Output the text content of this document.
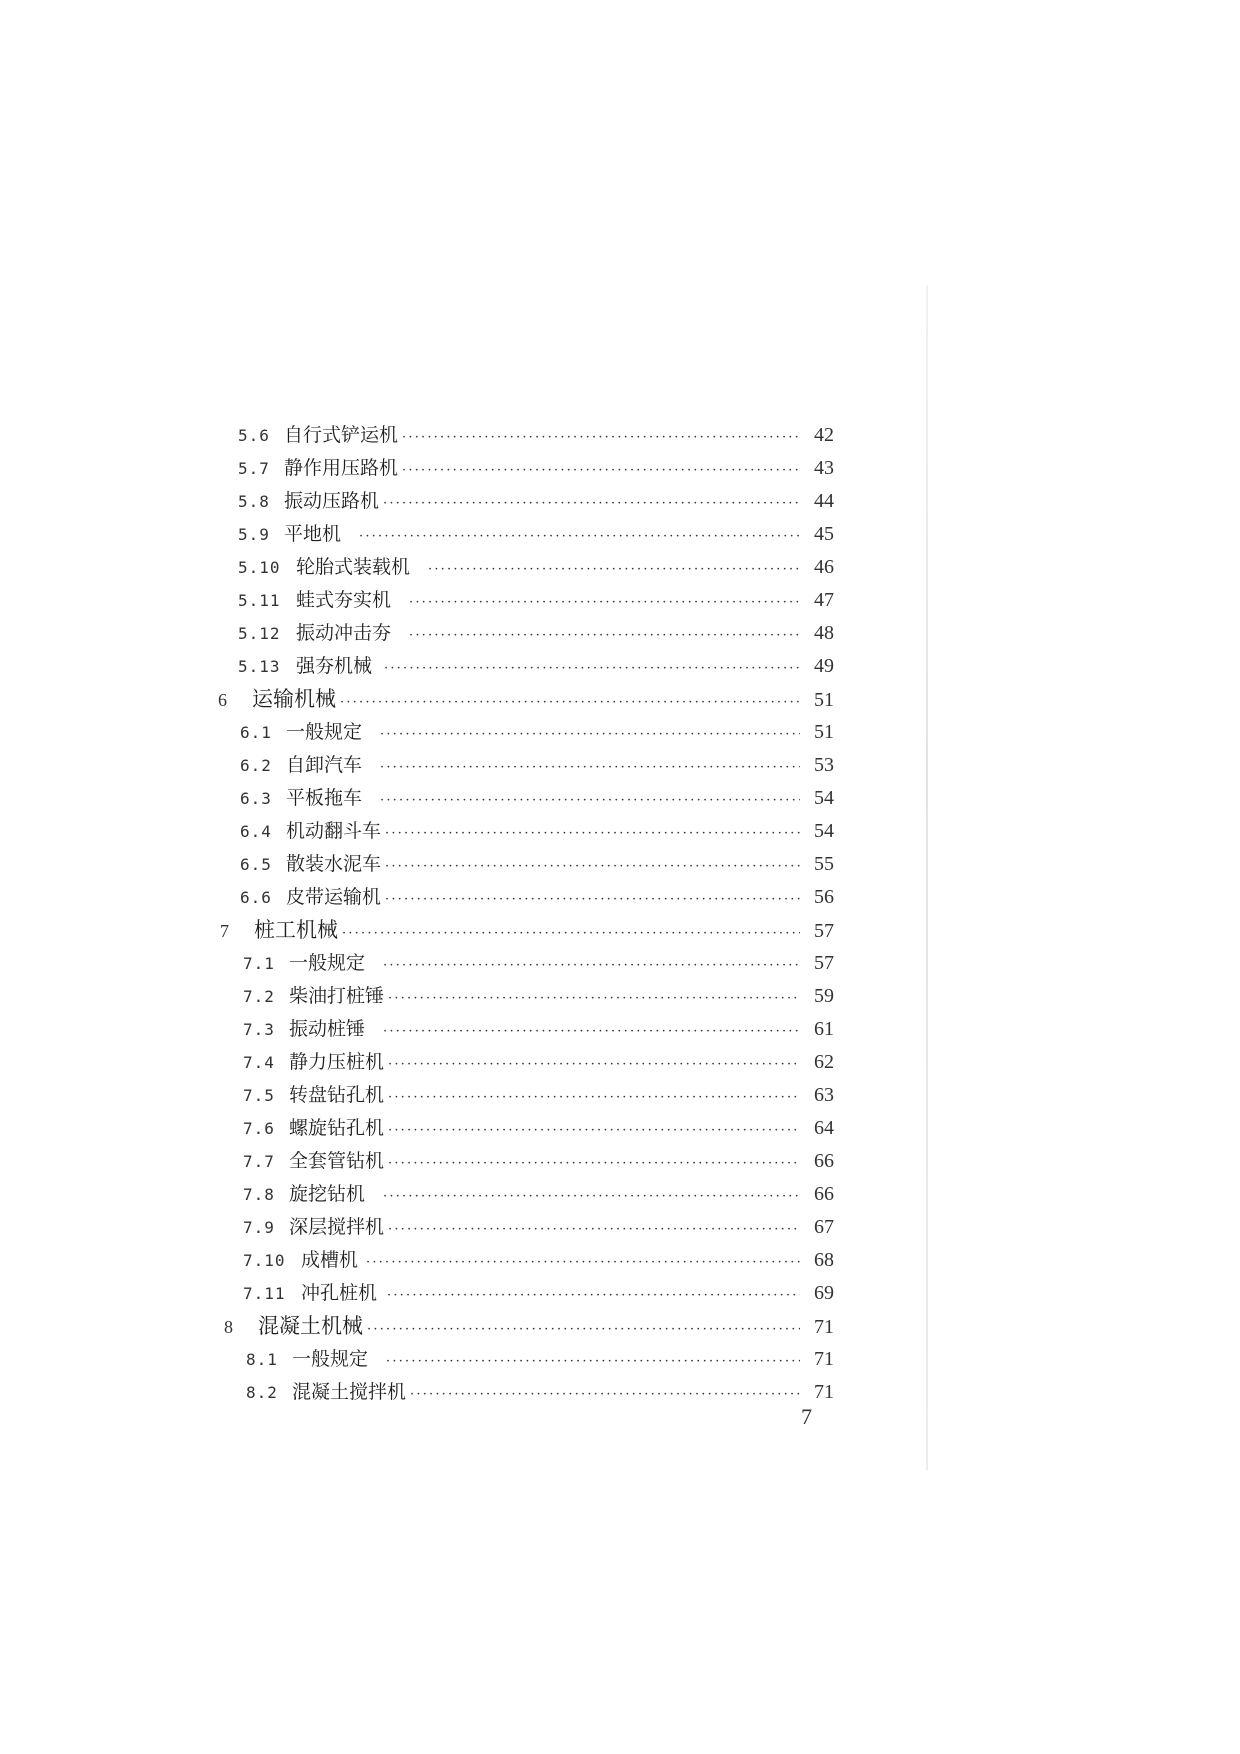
5.6 自行式铲运机 ·····	42
5.7 静作用压路机 ·····	43
5.8 振动压路机 ·····	44
5.9 平地机 ·····	45
5.10 轮胎式装载机 ·····	46
5.11 蛙式夯实机 ·····	47
5.12 振动冲击夯 ·····	48
5.13 强夯机械 ·····	49
6	运输机械 ·····	51
6.1 一般规定 ·····	51
6.2 自卸汽车 ·····	53
6.3 平板拖车 ·····	54
6.4 机动翻斗车 ·····	54
6.5 散装水泥车 ·····	55
6.6 皮带运输机 ·····	56
7	桩工机械 ·····	57
7.1 一般规定 ·····	57
7.2 柴油打桩锤 ·····	59
7.3 振动桩锤 ·····	61
7.4 静力压桩机 ·····	62
7.5 转盘钻孔机 ·····	63
7.6 螺旋钻孔机 ·····	64
7.7 全套管钻机 ·····	66
7.8 旋挖钻机 ·····	66
7.9 深层搅拌机 ·····	67
7.10 成槽机 ·····	68
7.11 冲孔桩机 ·····	69
8	混凝土机械 ·····	71
8.1 一般规定 ·····	71
8.2 混凝土搅拌机 ·····	71
7
